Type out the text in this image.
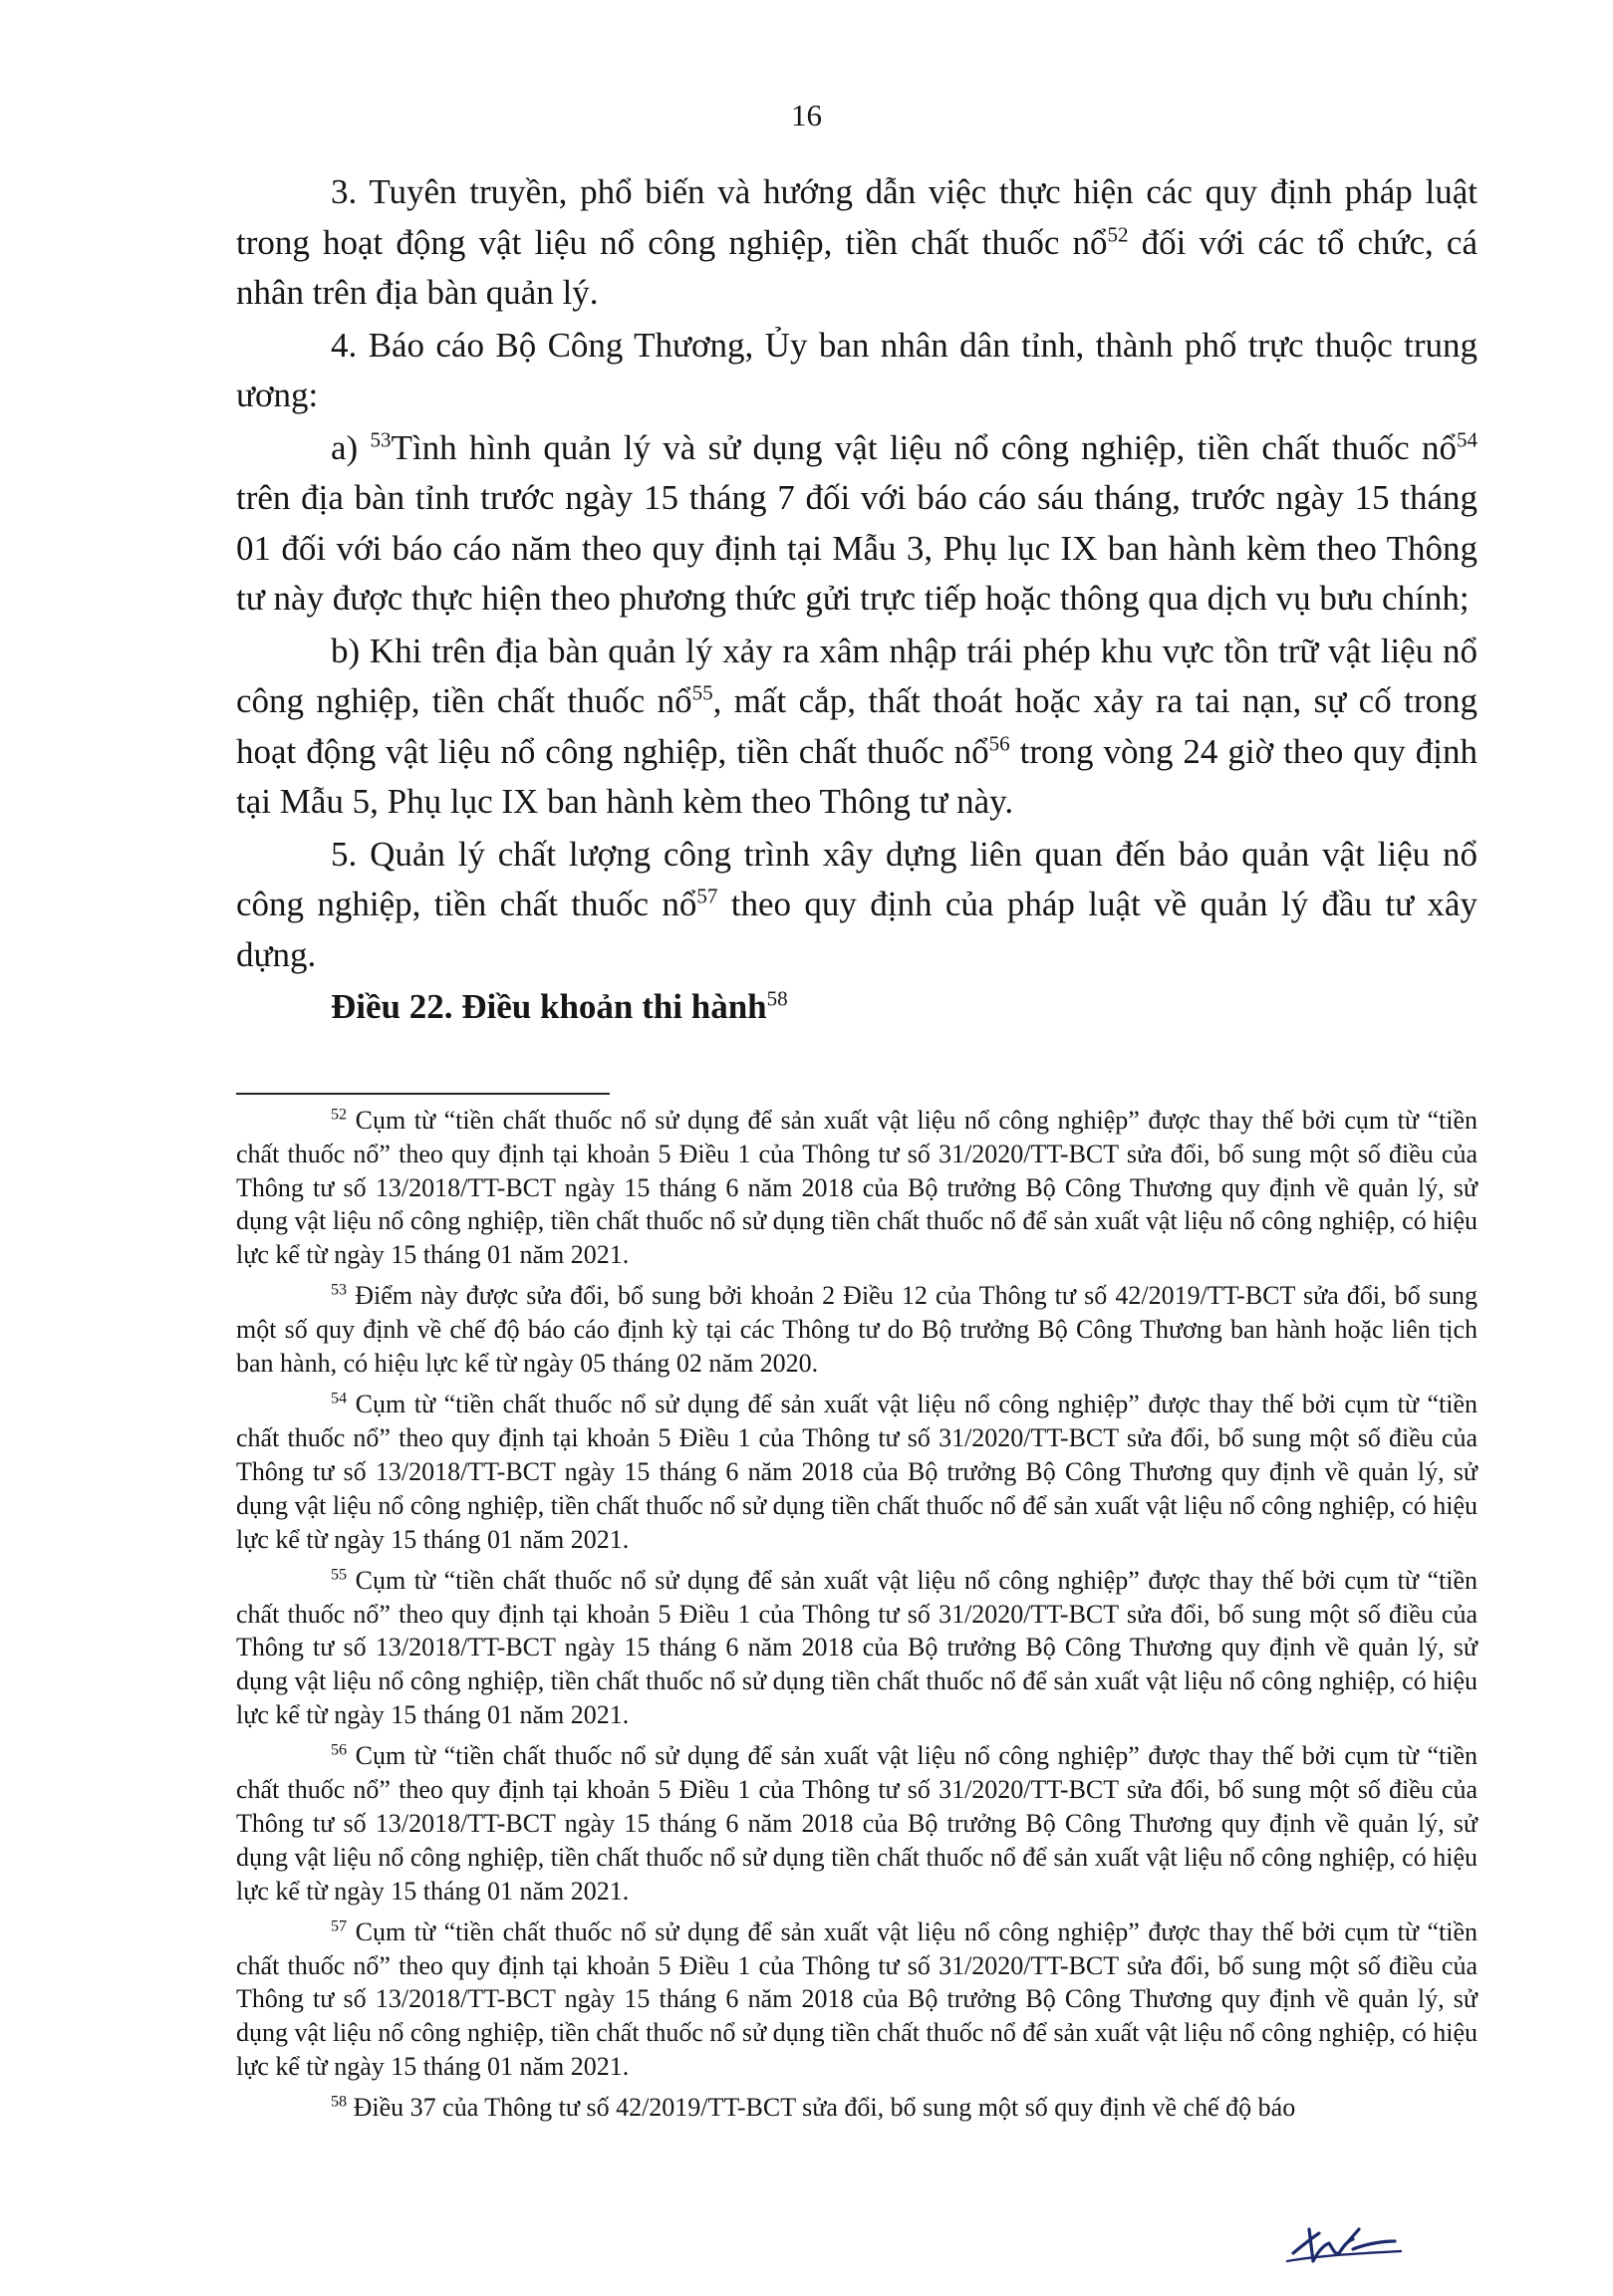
16

3. Tuyên truyền, phổ biến và hướng dẫn việc thực hiện các quy định pháp luật trong hoạt động vật liệu nổ công nghiệp, tiền chất thuốc nổ$^{52}$ đối với các tổ chức, cá nhân trên địa bàn quản lý.

4. Báo cáo Bộ Công Thương, Ủy ban nhân dân tỉnh, thành phố trực thuộc trung ương:

a) $^{53}$Tình hình quản lý và sử dụng vật liệu nổ công nghiệp, tiền chất thuốc nổ$^{54}$ trên địa bàn tỉnh trước ngày 15 tháng 7 đối với báo cáo sáu tháng, trước ngày 15 tháng 01 đối với báo cáo năm theo quy định tại Mẫu 3, Phụ lục IX ban hành kèm theo Thông tư này được thực hiện theo phương thức gửi trực tiếp hoặc thông qua dịch vụ bưu chính;

b) Khi trên địa bàn quản lý xảy ra xâm nhập trái phép khu vực tồn trữ vật liệu nổ công nghiệp, tiền chất thuốc nổ$^{55}$, mất cắp, thất thoát hoặc xảy ra tai nạn, sự cố trong hoạt động vật liệu nổ công nghiệp, tiền chất thuốc nổ$^{56}$ trong vòng 24 giờ theo quy định tại Mẫu 5, Phụ lục IX ban hành kèm theo Thông tư này.

5. Quản lý chất lượng công trình xây dựng liên quan đến bảo quản vật liệu nổ công nghiệp, tiền chất thuốc nổ$^{57}$ theo quy định của pháp luật về quản lý đầu tư xây dựng.

Điều 22. Điều khoản thi hành$^{58}$

$^{52}$ Cụm từ “tiền chất thuốc nổ sử dụng để sản xuất vật liệu nổ công nghiệp” được thay thế bởi cụm từ “tiền chất thuốc nổ” theo quy định tại khoản 5 Điều 1 của Thông tư số 31/2020/TT-BCT sửa đổi, bổ sung một số điều của Thông tư số 13/2018/TT-BCT ngày 15 tháng 6 năm 2018 của Bộ trưởng Bộ Công Thương quy định về quản lý, sử dụng vật liệu nổ công nghiệp, tiền chất thuốc nổ sử dụng tiền chất thuốc nổ để sản xuất vật liệu nổ công nghiệp, có hiệu lực kể từ ngày 15 tháng 01 năm 2021.

$^{53}$ Điểm này được sửa đổi, bổ sung bởi khoản 2 Điều 12 của Thông tư số 42/2019/TT-BCT sửa đổi, bổ sung một số quy định về chế độ báo cáo định kỳ tại các Thông tư do Bộ trưởng Bộ Công Thương ban hành hoặc liên tịch ban hành, có hiệu lực kể từ ngày 05 tháng 02 năm 2020.

$^{54}$ Cụm từ “tiền chất thuốc nổ sử dụng để sản xuất vật liệu nổ công nghiệp” được thay thế bởi cụm từ “tiền chất thuốc nổ” theo quy định tại khoản 5 Điều 1 của Thông tư số 31/2020/TT-BCT sửa đổi, bổ sung một số điều của Thông tư số 13/2018/TT-BCT ngày 15 tháng 6 năm 2018 của Bộ trưởng Bộ Công Thương quy định về quản lý, sử dụng vật liệu nổ công nghiệp, tiền chất thuốc nổ sử dụng tiền chất thuốc nổ để sản xuất vật liệu nổ công nghiệp, có hiệu lực kể từ ngày 15 tháng 01 năm 2021.

$^{55}$ Cụm từ “tiền chất thuốc nổ sử dụng để sản xuất vật liệu nổ công nghiệp” được thay thế bởi cụm từ “tiền chất thuốc nổ” theo quy định tại khoản 5 Điều 1 của Thông tư số 31/2020/TT-BCT sửa đổi, bổ sung một số điều của Thông tư số 13/2018/TT-BCT ngày 15 tháng 6 năm 2018 của Bộ trưởng Bộ Công Thương quy định về quản lý, sử dụng vật liệu nổ công nghiệp, tiền chất thuốc nổ sử dụng tiền chất thuốc nổ để sản xuất vật liệu nổ công nghiệp, có hiệu lực kể từ ngày 15 tháng 01 năm 2021.

$^{56}$ Cụm từ “tiền chất thuốc nổ sử dụng để sản xuất vật liệu nổ công nghiệp” được thay thế bởi cụm từ “tiền chất thuốc nổ” theo quy định tại khoản 5 Điều 1 của Thông tư số 31/2020/TT-BCT sửa đổi, bổ sung một số điều của Thông tư số 13/2018/TT-BCT ngày 15 tháng 6 năm 2018 của Bộ trưởng Bộ Công Thương quy định về quản lý, sử dụng vật liệu nổ công nghiệp, tiền chất thuốc nổ sử dụng tiền chất thuốc nổ để sản xuất vật liệu nổ công nghiệp, có hiệu lực kể từ ngày 15 tháng 01 năm 2021.

$^{57}$ Cụm từ “tiền chất thuốc nổ sử dụng để sản xuất vật liệu nổ công nghiệp” được thay thế bởi cụm từ “tiền chất thuốc nổ” theo quy định tại khoản 5 Điều 1 của Thông tư số 31/2020/TT-BCT sửa đổi, bổ sung một số điều của Thông tư số 13/2018/TT-BCT ngày 15 tháng 6 năm 2018 của Bộ trưởng Bộ Công Thương quy định về quản lý, sử dụng vật liệu nổ công nghiệp, tiền chất thuốc nổ sử dụng tiền chất thuốc nổ để sản xuất vật liệu nổ công nghiệp, có hiệu lực kể từ ngày 15 tháng 01 năm 2021.

$^{58}$ Điều 37 của Thông tư số 42/2019/TT-BCT sửa đổi, bổ sung một số quy định về chế độ báo
